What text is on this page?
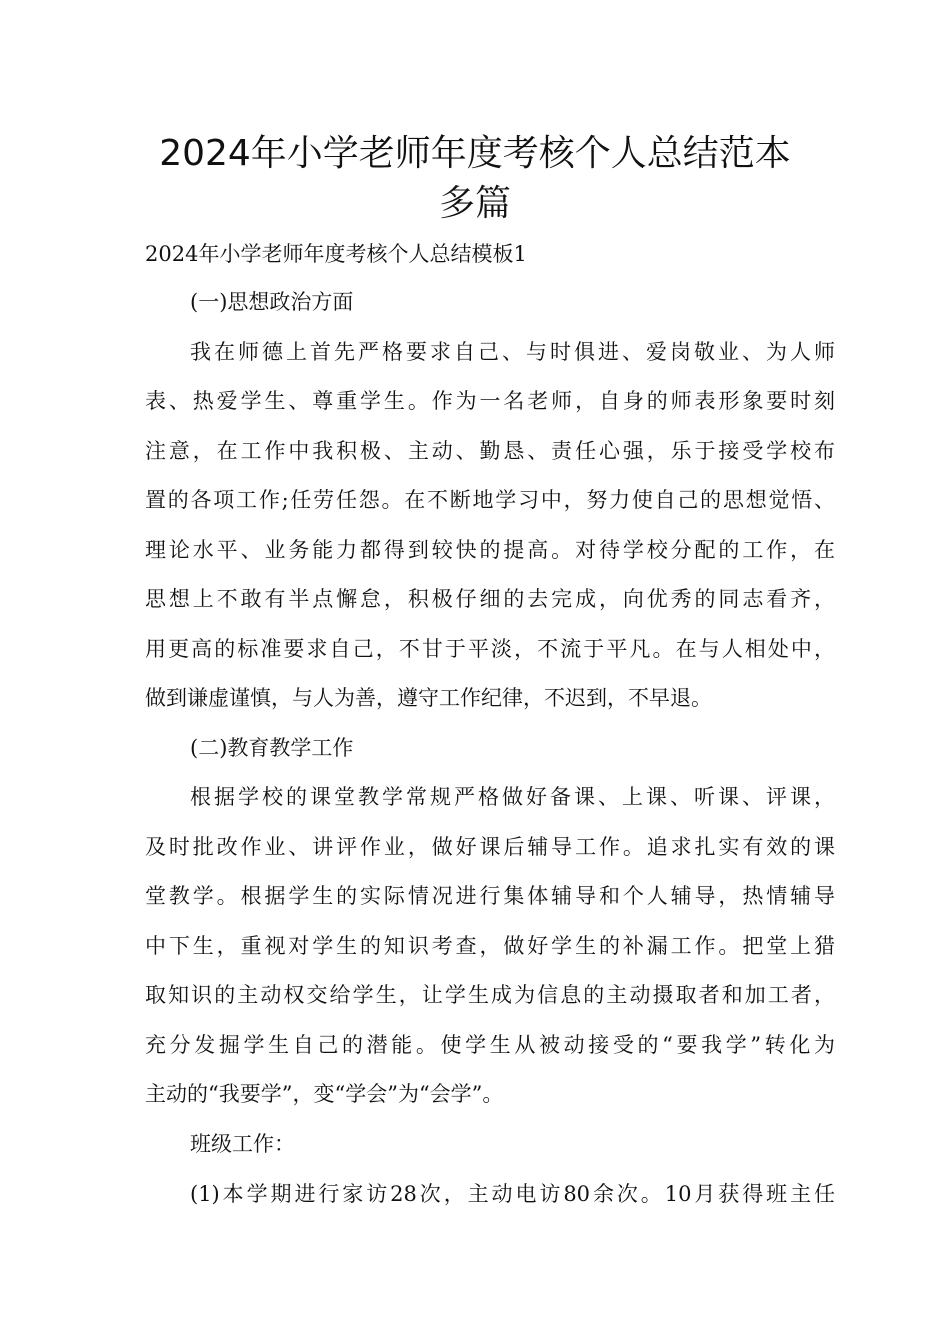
2024年小学老师年度考核个人总结范本
多篇

2024年小学老师年度考核个人总结模板1

(一)思想政治方面

我在师德上首先严格要求自己、与时俱进、爱岗敬业、为人师

表、热爱学生、尊重学生。作为一名老师，自身的师表形象要时刻

注意，在工作中我积极、主动、勤恳、责任心强，乐于接受学校布

置的各项工作;任劳任怨。在不断地学习中，努力使自己的思想觉悟、

理论水平、业务能力都得到较快的提高。对待学校分配的工作，在

思想上不敢有半点懈怠，积极仔细的去完成，向优秀的同志看齐，

用更高的标准要求自己，不甘于平淡，不流于平凡。在与人相处中，

做到谦虚谨慎，与人为善，遵守工作纪律，不迟到，不早退。

(二)教育教学工作

根据学校的课堂教学常规严格做好备课、上课、听课、评课，

及时批改作业、讲评作业，做好课后辅导工作。追求扎实有效的课

堂教学。根据学生的实际情况进行集体辅导和个人辅导，热情辅导

中下生，重视对学生的知识考查，做好学生的补漏工作。把堂上猎

取知识的主动权交给学生，让学生成为信息的主动摄取者和加工者，

充分发掘学生自己的潜能。使学生从被动接受的“要我学”转化为

主动的“我要学”，变“学会”为“会学”。

班级工作：

(1)本学期进行家访28次，主动电访80余次。10月获得班主任
